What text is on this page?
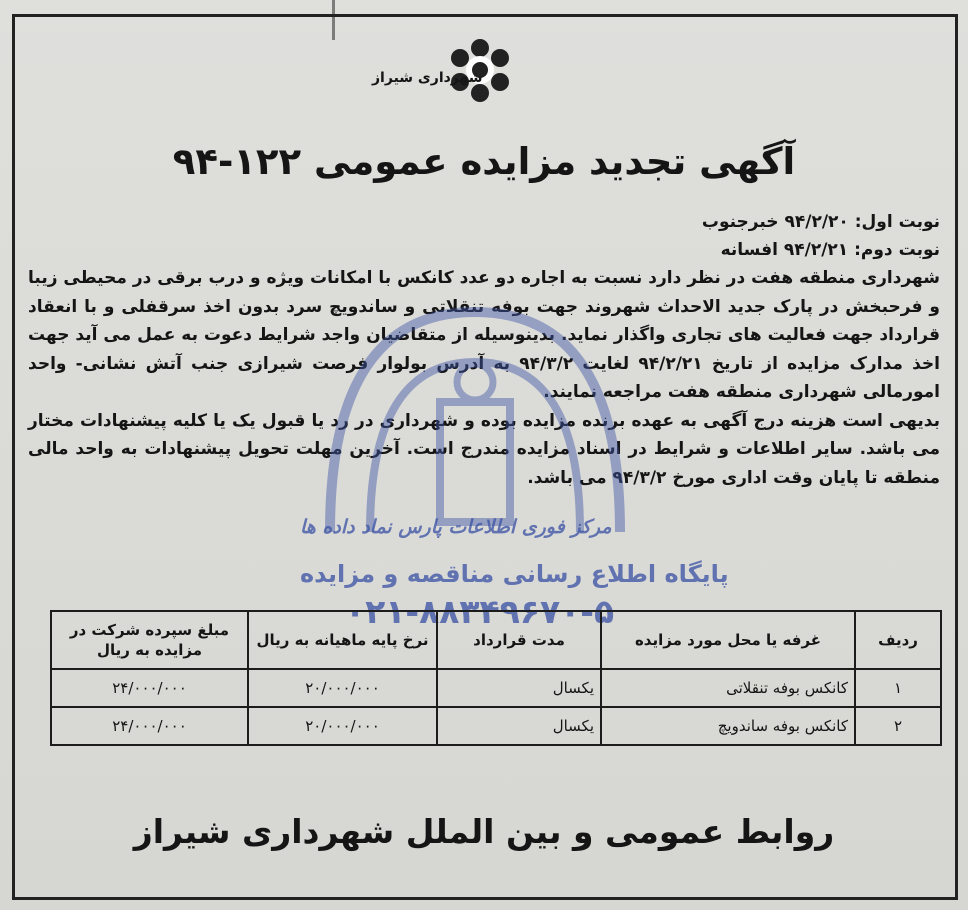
شهرداری شیراز
آگهی تجدید مزایده عمومی ۱۲۲-۹۴

نوبت اول: ۹۴/۲/۲۰ خبرجنوب

نوبت دوم: ۹۴/۲/۲۱ افسانه

شهرداری منطقه هفت در نظر دارد نسبت به اجاره دو عدد کانکس با امکانات ویژه و درب برقی در محیطی زیبا و فرحبخش در پارک جدید الاحداث شهروند جهت بوفه تنقلاتی و ساندویچ سرد بدون اخذ سرقفلی و با انعقاد قرارداد جهت فعالیت های تجاری واگذار نماید. بدینوسیله از متقاضیان واجد شرایط دعوت به عمل می آید جهت اخذ مدارک مزایده از تاریخ ۹۴/۲/۲۱ لغایت ۹۴/۳/۲ به آدرس بولوار فرصت شیرازی جنب آتش نشانی- واحد امورمالی شهرداری منطقه هفت مراجعه نمایند.

بدیهی است هزینه درج آگهی به عهده برنده مزایده بوده و شهرداری در رد یا قبول یک یا کلیه پیشنهادات مختار می باشد. سایر اطلاعات و شرایط در اسناد مزایده مندرج است. آخرین مهلت تحویل پیشنهادات به واحد مالی منطقه تا پایان وقت اداری مورخ ۹۴/۳/۲ می باشد.

مرکز فوری اطلاعات پارس نماد داده ها
پایگاه اطلاع رسانی مناقصه و مزایده
۰۲۱-۸۸۳۴۹۶۷۰-۵
ردیف	غرفه یا محل مورد مزایده	مدت قرارداد	نرخ پایه ماهیانه به ریال	مبلغ سپرده شرکت در مزایده به ریال
۱	کانکس بوفه تنقلاتی	یکسال	۲۰/۰۰۰/۰۰۰	۲۴/۰۰۰/۰۰۰
۲	کانکس بوفه ساندویچ	یکسال	۲۰/۰۰۰/۰۰۰	۲۴/۰۰۰/۰۰۰
روابط عمومی و بین الملل شهرداری شیراز
